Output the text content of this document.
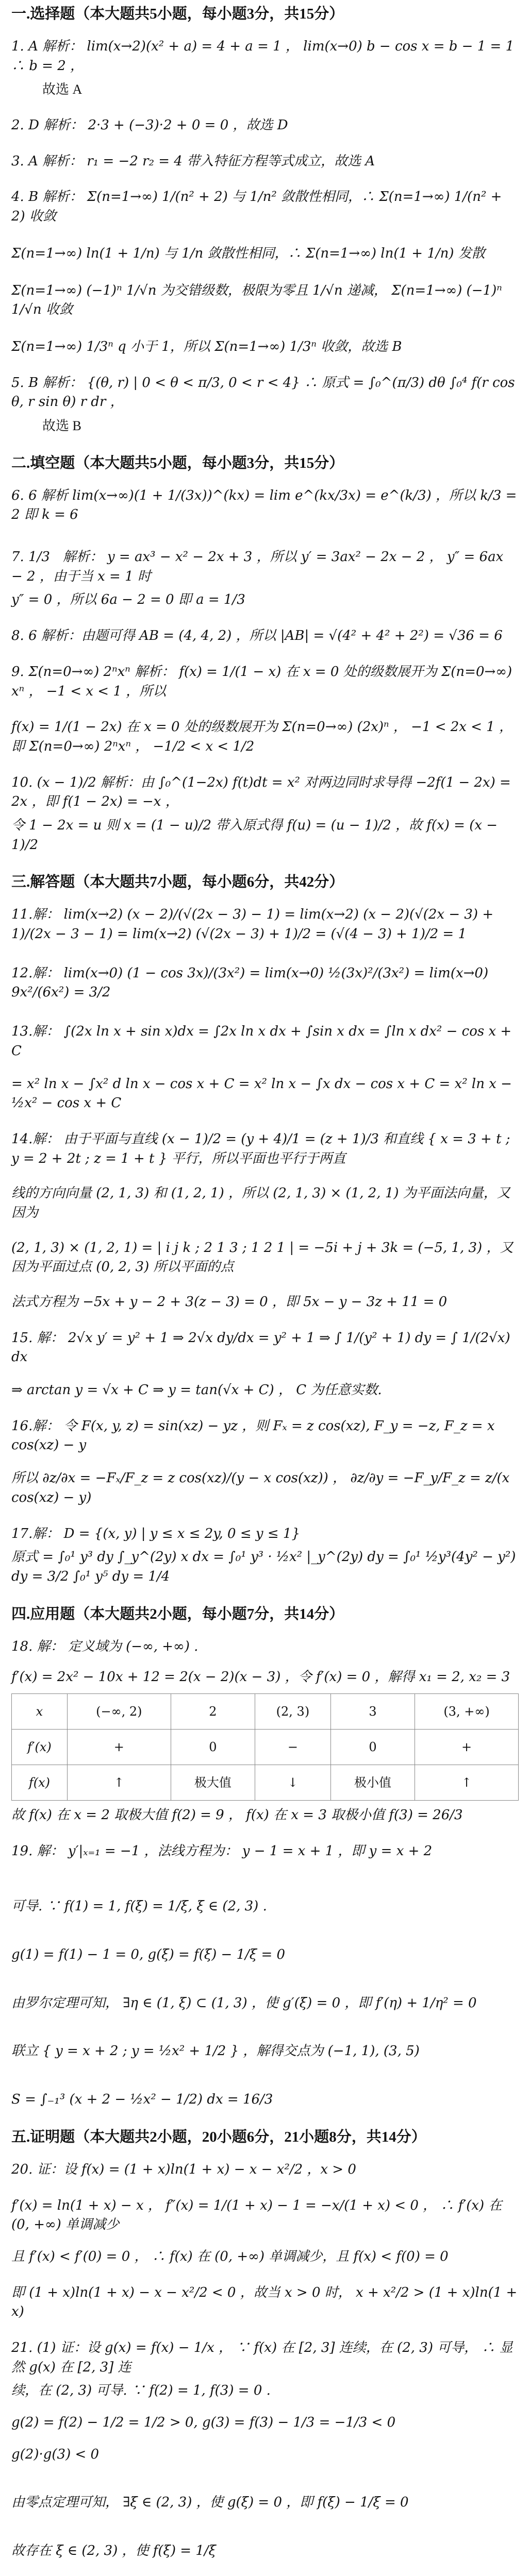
一.选择题（本大题共5小题，每小题3分，共15分）
1. A 解析： lim(x→2)(x² + a) = 4 + a = 1 ， lim(x→0) b − cos x = b − 1 = 1 ∴ b = 2 ，
故选 A
2. D 解析： 2·3 + (−3)·2 + 0 = 0 ，故选 D
3. A 解析： r₁ = −2 r₂ = 4 带入特征方程等式成立，故选 A
4. B 解析： Σ(n=1→∞) 1/(n² + 2) 与 1/n² 敛散性相同，∴ Σ(n=1→∞) 1/(n² + 2) 收敛
Σ(n=1→∞) ln(1 + 1/n) 与 1/n 敛散性相同，∴ Σ(n=1→∞) ln(1 + 1/n) 发散
Σ(n=1→∞) (−1)ⁿ 1/√n 为交错级数，极限为零且 1/√n 递减， Σ(n=1→∞) (−1)ⁿ 1/√n 收敛
Σ(n=1→∞) 1/3ⁿ q 小于 1，所以 Σ(n=1→∞) 1/3ⁿ 收敛，故选 B
5. B 解析： {(θ, r) | 0 < θ < π/3, 0 < r < 4} ∴ 原式 = ∫₀^(π/3) dθ ∫₀⁴ f(r cos θ, r sin θ) r dr ，
故选 B
二.填空题（本大题共5小题，每小题3分，共15分）
6. 6 解析 lim(x→∞)(1 + 1/(3x))^(kx) = lim e^(kx/3x) = e^(k/3) ，所以 k/3 = 2 即 k = 6
7. 1/3 解析： y = ax³ − x² − 2x + 3 ，所以 y′ = 3ax² − 2x − 2 ， y″ = 6ax − 2 ，由于当 x = 1 时
y″ = 0 ，所以 6a − 2 = 0 即 a = 1/3
8. 6 解析：由题可得 AB = (4, 4, 2) ，所以 |AB| = √(4² + 4² + 2²) = √36 = 6
9. Σ(n=0→∞) 2ⁿxⁿ 解析： f(x) = 1/(1 − x) 在 x = 0 处的级数展开为 Σ(n=0→∞) xⁿ ， −1 < x < 1 ，所以
f(x) = 1/(1 − 2x) 在 x = 0 处的级数展开为 Σ(n=0→∞) (2x)ⁿ ， −1 < 2x < 1 ，即 Σ(n=0→∞) 2ⁿxⁿ ， −1/2 < x < 1/2
10. (x − 1)/2 解析：由 ∫₀^(1−2x) f(t)dt = x² 对两边同时求导得 −2f(1 − 2x) = 2x ，即 f(1 − 2x) = −x ，
令 1 − 2x = u 则 x = (1 − u)/2 带入原式得 f(u) = (u − 1)/2 ，故 f(x) = (x − 1)/2
三.解答题（本大题共7小题，每小题6分，共42分）
11.解： lim(x→2) (x − 2)/(√(2x − 3) − 1) = lim(x→2) (x − 2)(√(2x − 3) + 1)/(2x − 3 − 1) = lim(x→2) (√(2x − 3) + 1)/2 = (√(4 − 3) + 1)/2 = 1
12.解： lim(x→0) (1 − cos 3x)/(3x²) = lim(x→0) ½(3x)²/(3x²) = lim(x→0) 9x²/(6x²) = 3/2
13.解： ∫(2x ln x + sin x)dx = ∫2x ln x dx + ∫sin x dx = ∫ln x dx² − cos x + C
= x² ln x − ∫x² d ln x − cos x + C = x² ln x − ∫x dx − cos x + C = x² ln x − ½x² − cos x + C
14.解： 由于平面与直线 (x − 1)/2 = (y + 4)/1 = (z + 1)/3 和直线 { x = 3 + t ; y = 2 + 2t ; z = 1 + t } 平行，所以平面也平行于两直
线的方向向量 (2, 1, 3) 和 (1, 2, 1) ，所以 (2, 1, 3) × (1, 2, 1) 为平面法向量，又因为
(2, 1, 3) × (1, 2, 1) = | i j k ; 2 1 3 ; 1 2 1 | = −5i + j + 3k = (−5, 1, 3) ，又因为平面过点 (0, 2, 3) 所以平面的点
法式方程为 −5x + y − 2 + 3(z − 3) = 0 ，即 5x − y − 3z + 11 = 0
15. 解： 2√x y′ = y² + 1 ⇒ 2√x dy/dx = y² + 1 ⇒ ∫ 1/(y² + 1) dy = ∫ 1/(2√x) dx
⇒ arctan y = √x + C ⇒ y = tan(√x + C) ， C 为任意实数.
16.解： 令 F(x, y, z) = sin(xz) − yz ，则 Fₓ = z cos(xz), F_y = −z, F_z = x cos(xz) − y
所以 ∂z/∂x = −Fₓ/F_z = z cos(xz)/(y − x cos(xz)) ， ∂z/∂y = −F_y/F_z = z/(x cos(xz) − y)
17.解： D = {(x, y) | y ≤ x ≤ 2y, 0 ≤ y ≤ 1}
原式 = ∫₀¹ y³ dy ∫_y^(2y) x dx = ∫₀¹ y³ · ½x² |_y^(2y) dy = ∫₀¹ ½y³(4y² − y²) dy = 3/2 ∫₀¹ y⁵ dy = 1/4
四.应用题（本大题共2小题，每小题7分，共14分）
18. 解： 定义域为 (−∞, +∞) .
f′(x) = 2x² − 10x + 12 = 2(x − 2)(x − 3) ，令 f′(x) = 0 ，解得 x₁ = 2, x₂ = 3
x	(−∞, 2)	2	(2, 3)	3	(3, +∞)
f′(x)	+	0	−	0	+
f(x)	↑	极大值	↓	极小值	↑
故 f(x) 在 x = 2 取极大值 f(2) = 9 ， f(x) 在 x = 3 取极小值 f(3) = 26/3
19. 解： y′|ₓ₌₁ = −1 ，法线方程为： y − 1 = x + 1 ，即 y = x + 2
可导. ∵ f(1) = 1, f(ξ) = 1/ξ, ξ ∈ (2, 3) .
g(1) = f(1) − 1 = 0, g(ξ) = f(ξ) − 1/ξ = 0
由罗尔定理可知， ∃η ∈ (1, ξ) ⊂ (1, 3) ，使 g′(ξ) = 0 ，即 f′(η) + 1/η² = 0
联立 { y = x + 2 ; y = ½x² + 1/2 } ，解得交点为 (−1, 1), (3, 5)
S = ∫₋₁³ (x + 2 − ½x² − 1/2) dx = 16/3
五.证明题（本大题共2小题，20小题6分，21小题8分，共14分）
20. 证：设 f(x) = (1 + x)ln(1 + x) − x − x²/2 ，x > 0
f′(x) = ln(1 + x) − x ， f″(x) = 1/(1 + x) − 1 = −x/(1 + x) < 0 ， ∴ f′(x) 在 (0, +∞) 单调减少
且 f′(x) < f′(0) = 0 ， ∴ f(x) 在 (0, +∞) 单调减少，且 f(x) < f(0) = 0
即 (1 + x)ln(1 + x) − x − x²/2 < 0 ，故当 x > 0 时， x + x²/2 > (1 + x)ln(1 + x)
21. (1) 证：设 g(x) = f(x) − 1/x ， ∵ f(x) 在 [2, 3] 连续，在 (2, 3) 可导， ∴ 显然 g(x) 在 [2, 3] 连
续，在 (2, 3) 可导. ∵ f(2) = 1, f(3) = 0 .
g(2) = f(2) − 1/2 = 1/2 > 0, g(3) = f(3) − 1/3 = −1/3 < 0
g(2)·g(3) < 0
由零点定理可知， ∃ξ ∈ (2, 3) ，使 g(ξ) = 0 ，即 f(ξ) − 1/ξ = 0
故存在 ξ ∈ (2, 3) ，使 f(ξ) = 1/ξ
